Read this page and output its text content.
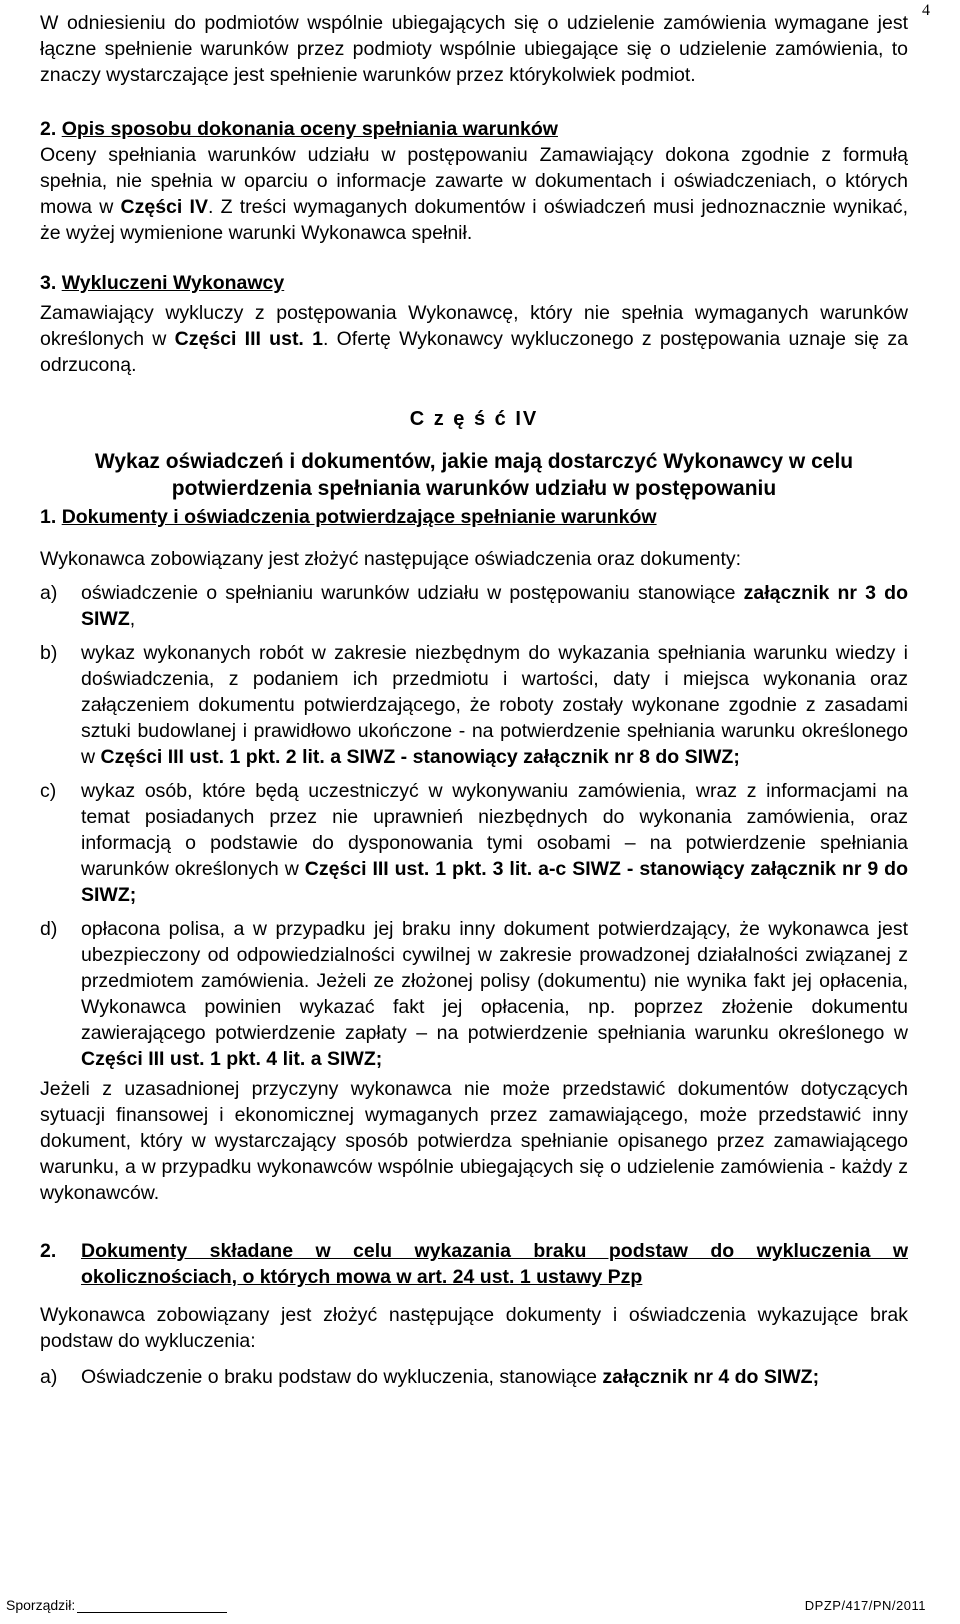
4

W odniesieniu do podmiotów wspólnie ubiegających się o udzielenie zamówienia wymagane jest łączne spełnienie warunków przez podmioty wspólnie ubiegające się o udzielenie zamówienia, to znaczy wystarczające jest spełnienie warunków przez którykolwiek podmiot.

2. Opis sposobu dokonania oceny spełniania warunków

Oceny spełniania warunków udziału w postępowaniu Zamawiający dokona zgodnie z formułą spełnia, nie spełnia w oparciu o informacje zawarte w dokumentach i oświadczeniach, o których mowa w Części IV. Z treści wymaganych dokumentów i oświadczeń musi jednoznacznie wynikać, że wyżej wymienione warunki Wykonawca spełnił.

3. Wykluczeni Wykonawcy

Zamawiający wykluczy z postępowania Wykonawcę, który nie spełnia wymaganych warunków określonych w Części III ust. 1. Ofertę Wykonawcy wykluczonego z postępowania uznaje się za odrzuconą.

C z ę ś ć IV

Wykaz oświadczeń i dokumentów, jakie mają dostarczyć Wykonawcy w celu

potwierdzenia spełniania warunków udziału w postępowaniu

1. Dokumenty i oświadczenia potwierdzające spełnianie warunków

Wykonawca zobowiązany jest złożyć następujące oświadczenia oraz dokumenty:

a) oświadczenie o spełnianiu warunków udziału w postępowaniu stanowiące załącznik nr 3 do SIWZ,
b) wykaz wykonanych robót w zakresie niezbędnym do wykazania spełniania warunku wiedzy i doświadczenia, z podaniem ich przedmiotu i wartości, daty i miejsca wykonania oraz załączeniem dokumentu potwierdzającego, że roboty zostały wykonane zgodnie z zasadami sztuki budowlanej i prawidłowo ukończone - na potwierdzenie spełniania warunku określonego w Części III ust. 1 pkt. 2 lit. a SIWZ - stanowiący załącznik nr 8 do SIWZ;
c) wykaz osób, które będą uczestniczyć w wykonywaniu zamówienia, wraz z informacjami na temat posiadanych przez nie uprawnień niezbędnych do wykonania zamówienia, oraz informacją o podstawie do dysponowania tymi osobami – na potwierdzenie spełniania warunków określonych w Części III ust. 1 pkt. 3 lit. a-c SIWZ - stanowiący załącznik nr 9 do SIWZ;
d) opłacona polisa, a w przypadku jej braku inny dokument potwierdzający, że wykonawca jest ubezpieczony od odpowiedzialności cywilnej w zakresie prowadzonej działalności związanej z przedmiotem zamówienia. Jeżeli ze złożonej polisy (dokumentu) nie wynika fakt jej opłacenia, Wykonawca powinien wykazać fakt jej opłacenia, np. poprzez złożenie dokumentu zawierającego potwierdzenie zapłaty – na potwierdzenie spełniania warunku określonego w Części III ust. 1 pkt. 4 lit. a SIWZ;

Jeżeli z uzasadnionej przyczyny wykonawca nie może przedstawić dokumentów dotyczących sytuacji finansowej i ekonomicznej wymaganych przez zamawiającego, może przedstawić inny dokument, który w wystarczający sposób potwierdza spełnianie opisanego przez zamawiającego warunku, a w przypadku wykonawców wspólnie ubiegających się o udzielenie zamówienia - każdy z wykonawców.

2. Dokumenty składane w celu wykazania braku podstaw do wykluczenia w okolicznościach, o których mowa w art. 24 ust. 1 ustawy Pzp

Wykonawca zobowiązany jest złożyć następujące dokumenty i oświadczenia wykazujące brak podstaw do wykluczenia:

a) Oświadczenie o braku podstaw do wykluczenia, stanowiące załącznik nr 4 do SIWZ;
Sporządził:	DPZP/417/PN/2011
